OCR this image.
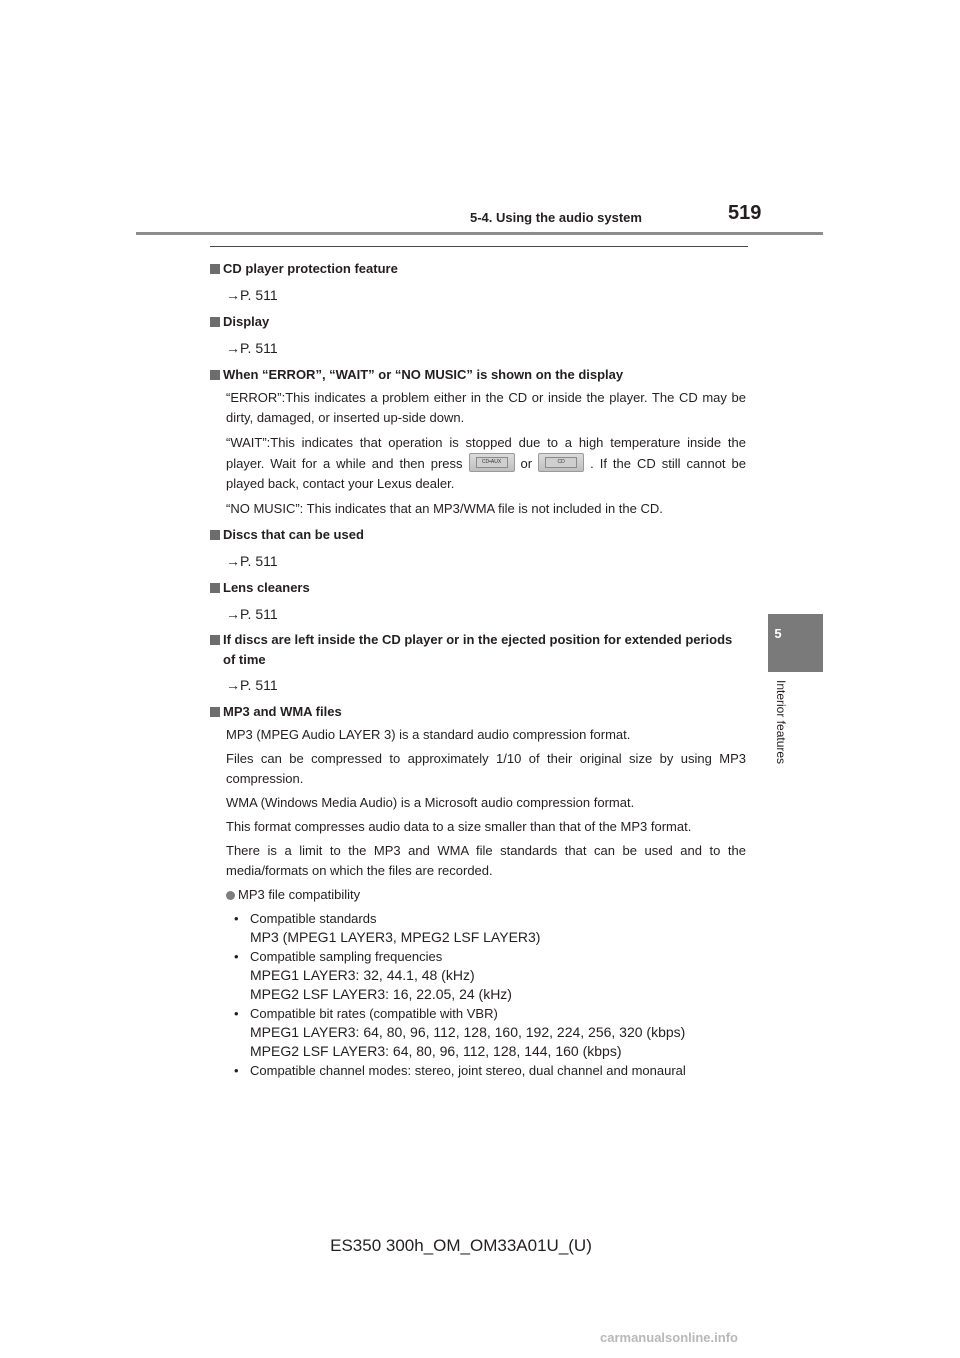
5-4. Using the audio system	519
5
Interior features

CD player protection feature

→P. 511

Display

→P. 511

When “ERROR”, “WAIT” or “NO MUSIC” is shown on the display

“ERROR”:This indicates a problem either in the CD or inside the player. The CD may be dirty, damaged, or inserted up-side down.

“WAIT”:This indicates that operation is stopped due to a high temperature inside the player. Wait for a while and then press	CD•AUX	or	CD	. If the CD still cannot be played back, contact your Lexus dealer.

“NO MUSIC”: This indicates that an MP3/WMA file is not included in the CD.

Discs that can be used

→P. 511

Lens cleaners

→P. 511

If discs are left inside the CD player or in the ejected position for extended periods of time

→P. 511

MP3 and WMA files

MP3 (MPEG Audio LAYER 3) is a standard audio compression format.

Files can be compressed to approximately 1/10 of their original size by using MP3 compression.

WMA (Windows Media Audio) is a Microsoft audio compression format.

This format compresses audio data to a size smaller than that of the MP3 format.

There is a limit to the MP3 and WMA file standards that can be used and to the media/formats on which the files are recorded.

MP3 file compatibility
• Compatible standards
MP3 (MPEG1 LAYER3, MPEG2 LSF LAYER3)
• Compatible sampling frequencies
MPEG1 LAYER3: 32, 44.1, 48 (kHz)
MPEG2 LSF LAYER3: 16, 22.05, 24 (kHz)
• Compatible bit rates (compatible with VBR)
MPEG1 LAYER3: 64, 80, 96, 112, 128, 160, 192, 224, 256, 320 (kbps)
MPEG2 LSF LAYER3: 64, 80, 96, 112, 128, 144, 160 (kbps)
• Compatible channel modes: stereo, joint stereo, dual channel and monaural
ES350 300h_OM_OM33A01U_(U)
carmanualsonline.info
